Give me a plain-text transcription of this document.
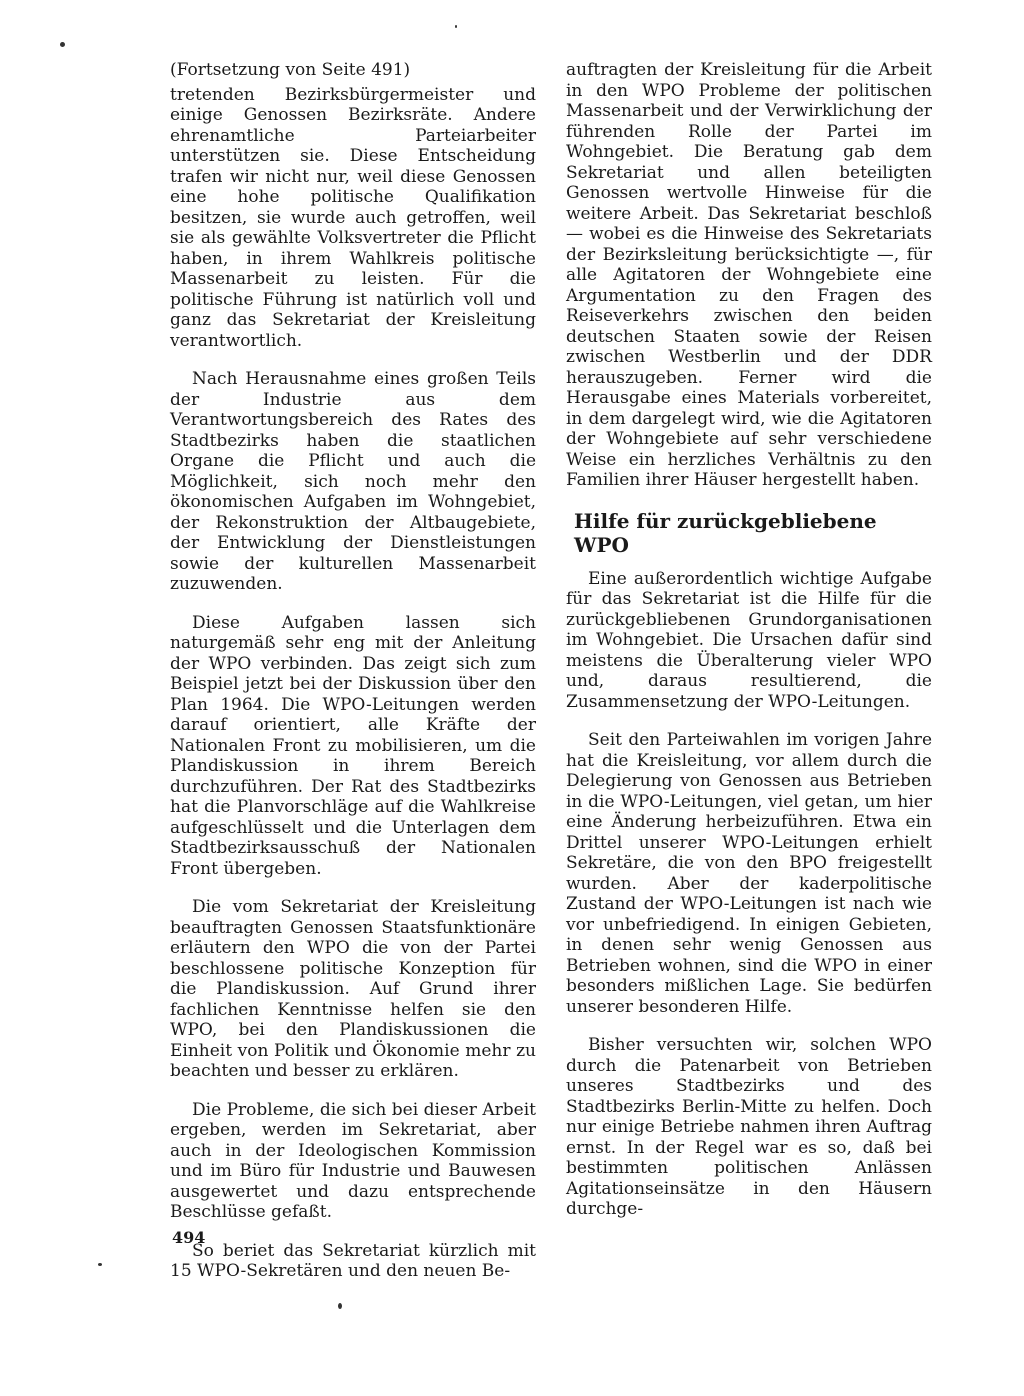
(Fortsetzung von Seite 491)

tretenden Bezirksbürgermeister und einige Genossen Bezirksräte. Andere ehrenamtliche Parteiarbeiter unterstützen sie. Diese Entscheidung trafen wir nicht nur, weil diese Genossen eine hohe politische Qualifikation besitzen, sie wurde auch getroffen, weil sie als gewählte Volksvertreter die Pflicht haben, in ihrem Wahlkreis politische Massenarbeit zu leisten. Für die politische Führung ist natürlich voll und ganz das Sekretariat der Kreisleitung verantwortlich.

Nach Herausnahme eines großen Teils der Industrie aus dem Verantwortungsbereich des Rates des Stadtbezirks haben die staatlichen Organe die Pflicht und auch die Möglichkeit, sich noch mehr den ökonomischen Aufgaben im Wohngebiet, der Rekonstruktion der Altbaugebiete, der Entwicklung der Dienstleistungen sowie der kulturellen Massenarbeit zuzuwenden.

Diese Aufgaben lassen sich naturgemäß sehr eng mit der Anleitung der WPO verbinden. Das zeigt sich zum Beispiel jetzt bei der Diskussion über den Plan 1964. Die WPO-Leitungen werden darauf orientiert, alle Kräfte der Nationalen Front zu mobilisieren, um die Plandiskussion in ihrem Bereich durchzuführen. Der Rat des Stadtbezirks hat die Planvorschläge auf die Wahlkreise aufgeschlüsselt und die Unterlagen dem Stadtbezirksausschuß der Nationalen Front übergeben.

Die vom Sekretariat der Kreisleitung beauftragten Genossen Staatsfunktionäre erläutern den WPO die von der Partei beschlossene politische Konzeption für die Plandiskussion. Auf Grund ihrer fachlichen Kenntnisse helfen sie den WPO, bei den Plandiskussionen die Einheit von Politik und Ökonomie mehr zu beachten und besser zu erklären.

Die Probleme, die sich bei dieser Arbeit ergeben, werden im Sekretariat, aber auch in der Ideologischen Kommission und im Büro für Industrie und Bauwesen ausgewertet und dazu entsprechende Beschlüsse gefaßt.

So beriet das Sekretariat kürzlich mit 15 WPO-Sekretären und den neuen Be-

auftragten der Kreisleitung für die Arbeit in den WPO Probleme der politischen Massenarbeit und der Verwirklichung der führenden Rolle der Partei im Wohngebiet. Die Beratung gab dem Sekretariat und allen beteiligten Genossen wertvolle Hinweise für die weitere Arbeit. Das Sekretariat beschloß — wobei es die Hinweise des Sekretariats der Bezirksleitung berücksichtigte —, für alle Agitatoren der Wohngebiete eine Argumentation zu den Fragen des Reiseverkehrs zwischen den beiden deutschen Staaten sowie der Reisen zwischen Westberlin und der DDR herauszugeben. Ferner wird die Herausgabe eines Materials vorbereitet, in dem dargelegt wird, wie die Agitatoren der Wohngebiete auf sehr verschiedene Weise ein herzliches Verhältnis zu den Familien ihrer Häuser hergestellt haben.

Hilfe für zurückgebliebene WPO

Eine außerordentlich wichtige Aufgabe für das Sekretariat ist die Hilfe für die zurückgebliebenen Grundorganisationen im Wohngebiet. Die Ursachen dafür sind meistens die Überalterung vieler WPO und, daraus resultierend, die Zusammensetzung der WPO-Leitungen.

Seit den Parteiwahlen im vorigen Jahre hat die Kreisleitung, vor allem durch die Delegierung von Genossen aus Betrieben in die WPO-Leitungen, viel getan, um hier eine Änderung herbeizuführen. Etwa ein Drittel unserer WPO-Leitungen erhielt Sekretäre, die von den BPO freigestellt wurden. Aber der kaderpolitische Zustand der WPO-Leitungen ist nach wie vor unbefriedigend. In einigen Gebieten, in denen sehr wenig Genossen aus Betrieben wohnen, sind die WPO in einer besonders mißlichen Lage. Sie bedürfen unserer besonderen Hilfe.

Bisher versuchten wir, solchen WPO durch die Patenarbeit von Betrieben unseres Stadtbezirks und des Stadtbezirks Berlin-Mitte zu helfen. Doch nur einige Betriebe nahmen ihren Auftrag ernst. In der Regel war es so, daß bei bestimmten politischen Anlässen Agitationseinsätze in den Häusern durchge-

494
